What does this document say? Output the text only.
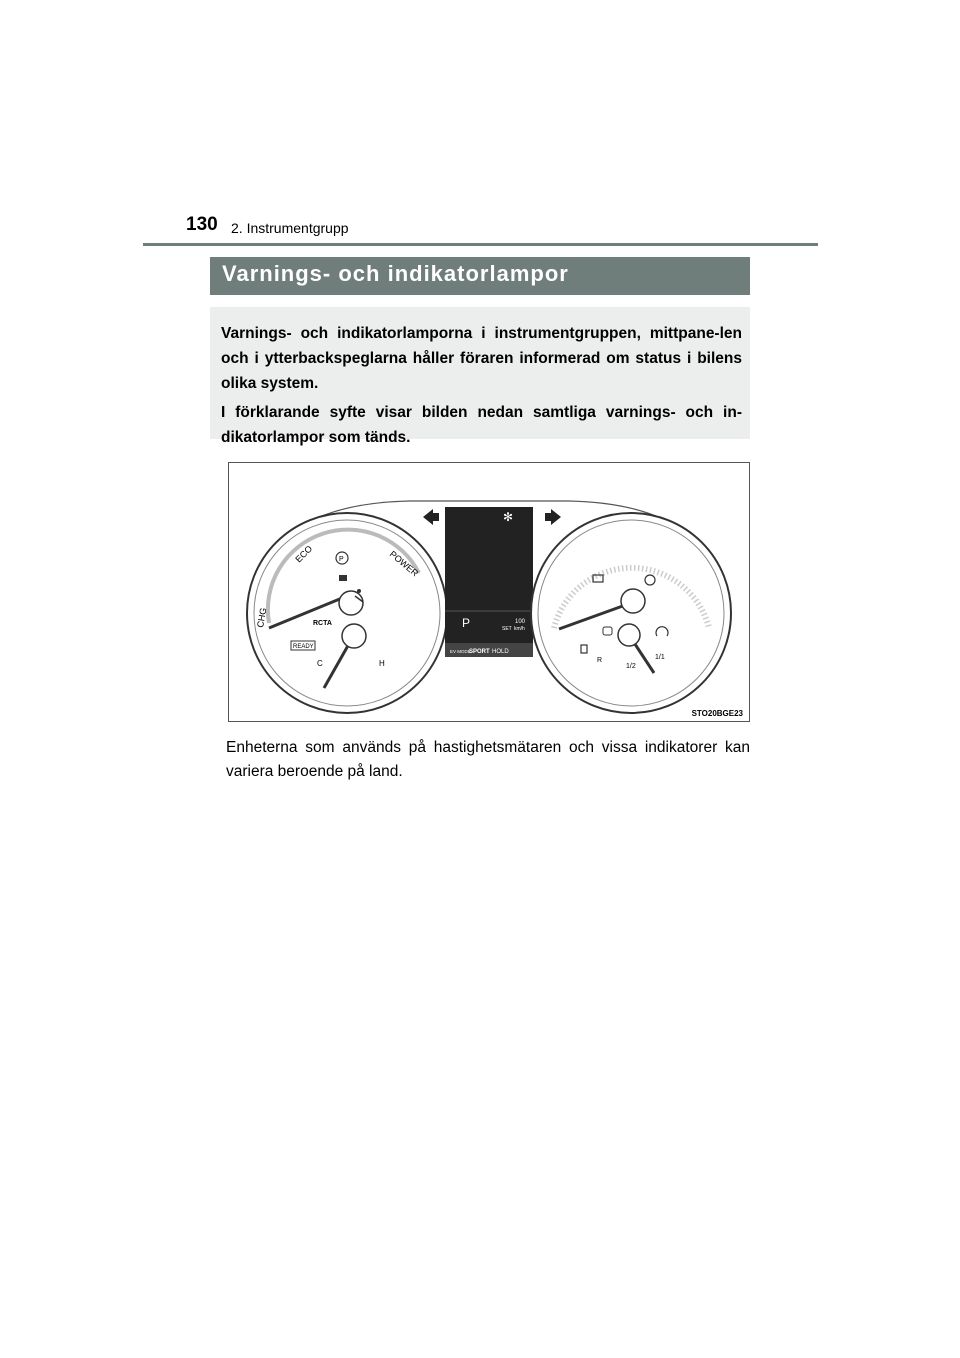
130 2. Instrumentgrupp
Varnings- och indikatorlampor

Varnings- och indikatorlamporna i instrumentgruppen, mittpane-len och i ytterbackspeglarna håller föraren informerad om status i bilens olika system.

I förklarande syfte visar bilden nedan samtliga varnings- och in-dikatorlampor som tänds.

ECO	POWER
CHG
READY
RCTA
C	H
P
P	100
SET km/h
EV MODE
SPORT HOLD
✻
R
1/2
1/1
STO20BGE23
Enheterna som används på hastighetsmätaren och vissa indikatorer kan variera beroende på land.
